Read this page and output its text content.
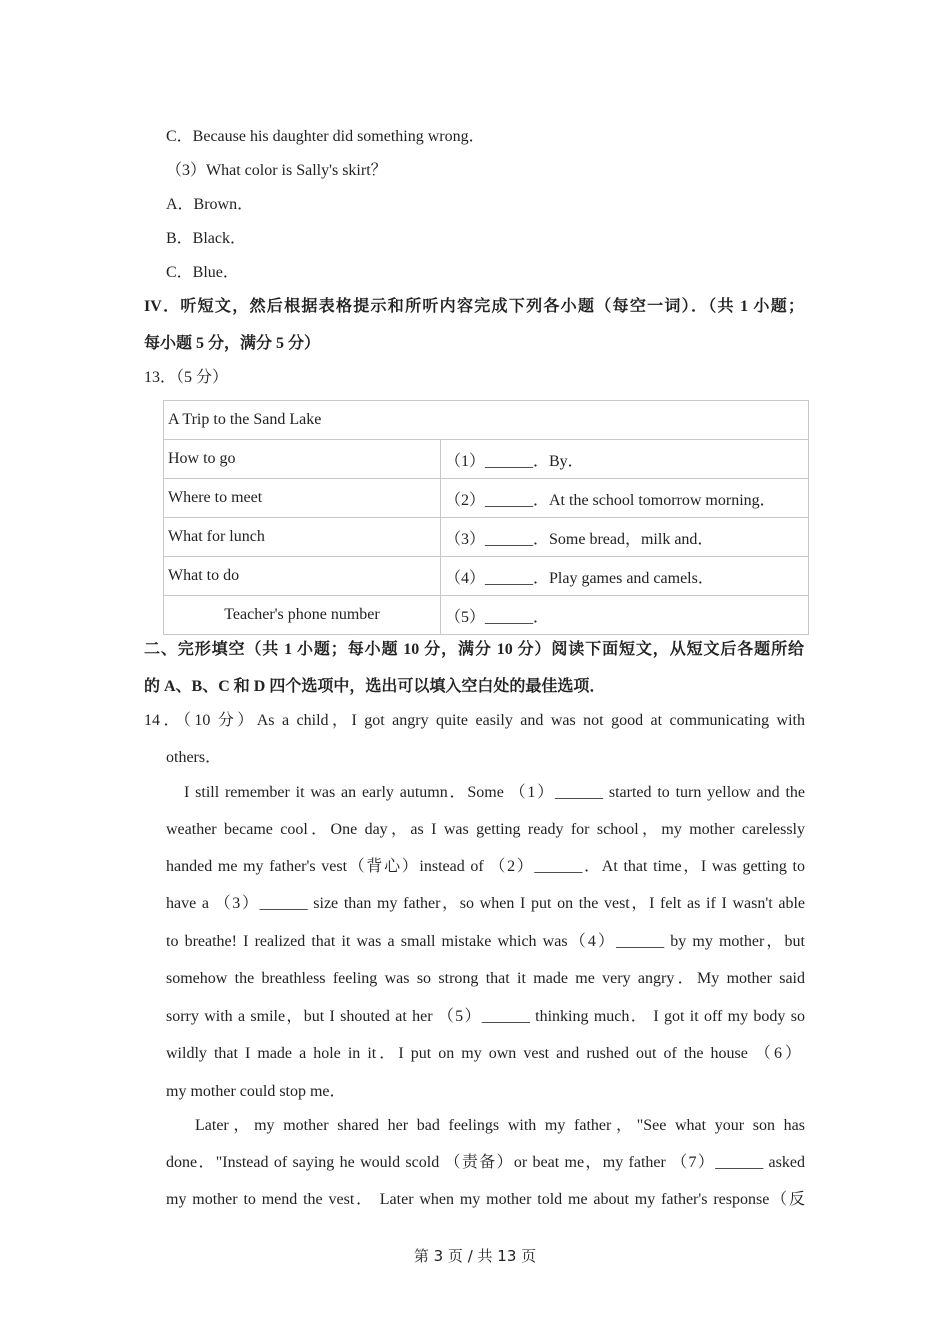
C．Because his daughter did something wrong．
（3）What color is Sally's skirt？
A．Brown．
B．Black．
C．Blue．
IV．听短文，然后根据表格提示和所听内容完成下列各小题（每空一词）．（共 1 小题；
每小题 5 分，满分 5 分）
13．（5 分）
A Trip to the Sand Lake	
How to go	（1）______．By．
Where to meet	（2）______．At the school tomorrow morning．
What for lunch	（3）______．Some bread，milk and．
What to do	（4）______．Play games and camels．
Teacher's phone number	（5）______．
二、完形填空（共 1 小题；每小题 10 分，满分 10 分）阅读下面短文，从短文后各题所给
的 A、B、C 和 D 四个选项中，选出可以填入空白处的最佳选项．
14．（10 分）As a child，I got angry quite easily and was not good at communicating with
others．
I still remember it was an early autumn．Some （1）______ started to turn yellow and the
weather became cool．One day，as I was getting ready for school，my mother carelessly
handed me my father's vest（背心）instead of （2）______．At that time，I was getting to
have a （3）______ size than my father，so when I put on the vest，I felt as if I wasn't able
to breathe! I realized that it was a small mistake which was（4）______ by my mother，but
somehow the breathless feeling was so strong that it made me very angry．My mother said
sorry with a smile，but I shouted at her （5）______ thinking much． I got it off my body so
wildly that I made a hole in it．I put on my own vest and rushed out of the house （6）
my mother could stop me．
Later，my mother shared her bad feelings with my father，"See what your son has
done．"Instead of saying he would scold （责备）or beat me，my father （7）______ asked
my mother to mend the vest． Later when my mother told me about my father's response（反
第 3 页 / 共 13 页
